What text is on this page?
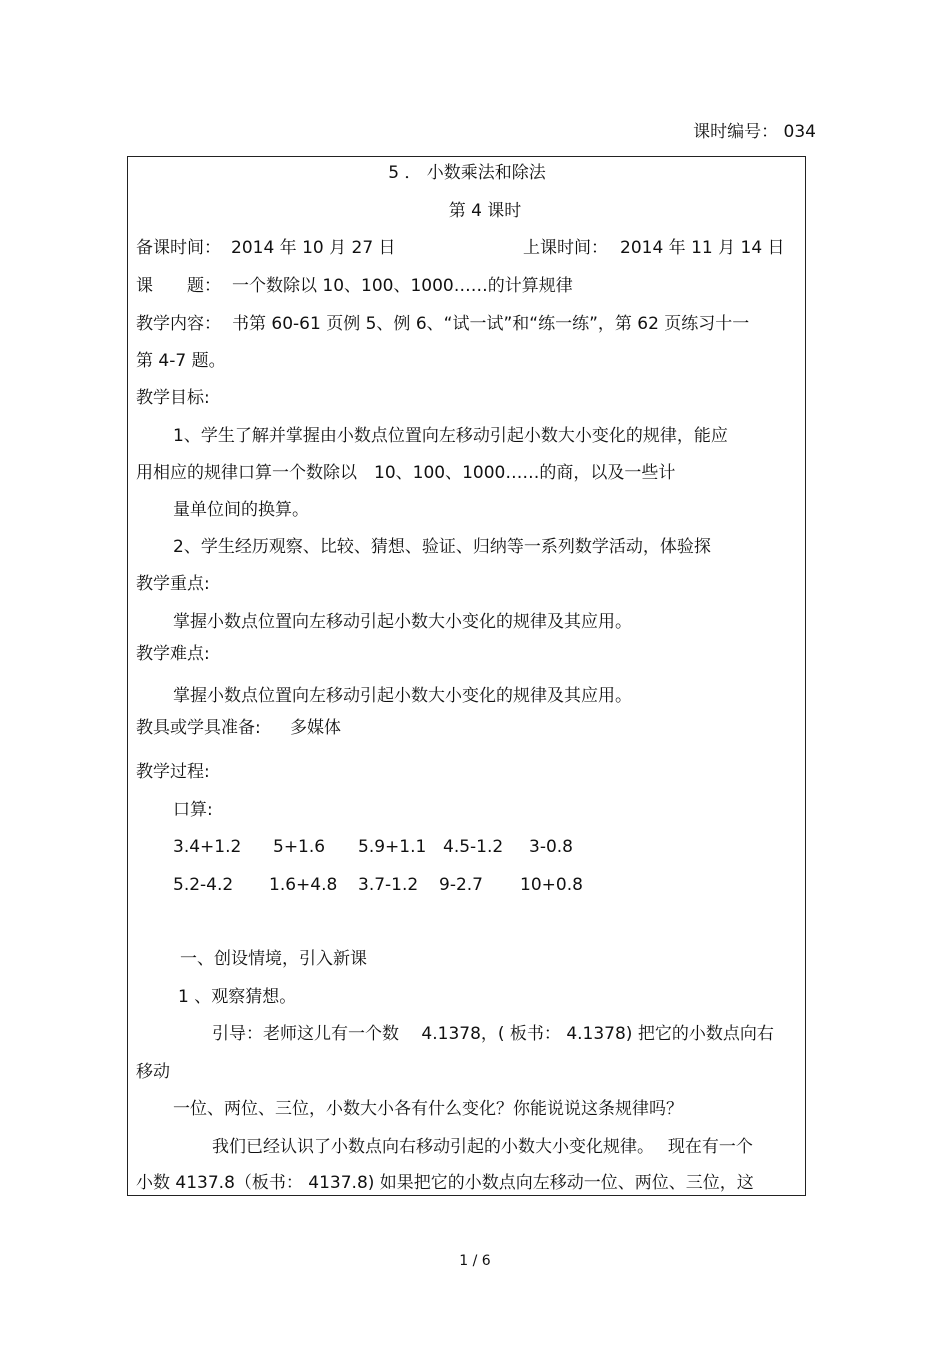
课时编号： 034
5 ． 小数乘法和除法
第 4 课时
备课时间： 2014 年 10 月 27 日	上课时间： 2014 年 11 月 14 日
课　　题： 一个数除以 10、100、1000……的计算规律
教学内容： 书第 60-61 页例 5、例 6、“试一试”和“练一练”，第 62 页练习十一
第 4-7 题。
教学目标:
1、学生了解并掌握由小数点位置向左移动引起小数大小变化的规律，能应
用相应的规律口算一个数除以　10、100、1000……的商，以及一些计
量单位间的换算。
2、学生经历观察、比较、猜想、验证、归纳等一系列数学活动，体验探
教学重点:
掌握小数点位置向左移动引起小数大小变化的规律及其应用。
教学难点:
掌握小数点位置向左移动引起小数大小变化的规律及其应用。
教具或学具准备: 多媒体
教学过程:
口算:
3.4+1.2 5+1.6 5.9+1.1 4.5-1.2 3-0.8
5.2-4.2 1.6+4.8 3.7-1.2 9-2.7 10+0.8
一、创设情境，引入新课
1 、观察猜想。
引导：老师这儿有一个数　 4.1378，( 板书： 4.1378) 把它的小数点向右
移动
一位、两位、三位，小数大小各有什么变化？你能说说这条规律吗？
我们已经认识了小数点向右移动引起的小数大小变化规律。　 现在有一个
小数 4137.8（板书： 4137.8) 如果把它的小数点向左移动一位、两位、三位，这
1 / 6
